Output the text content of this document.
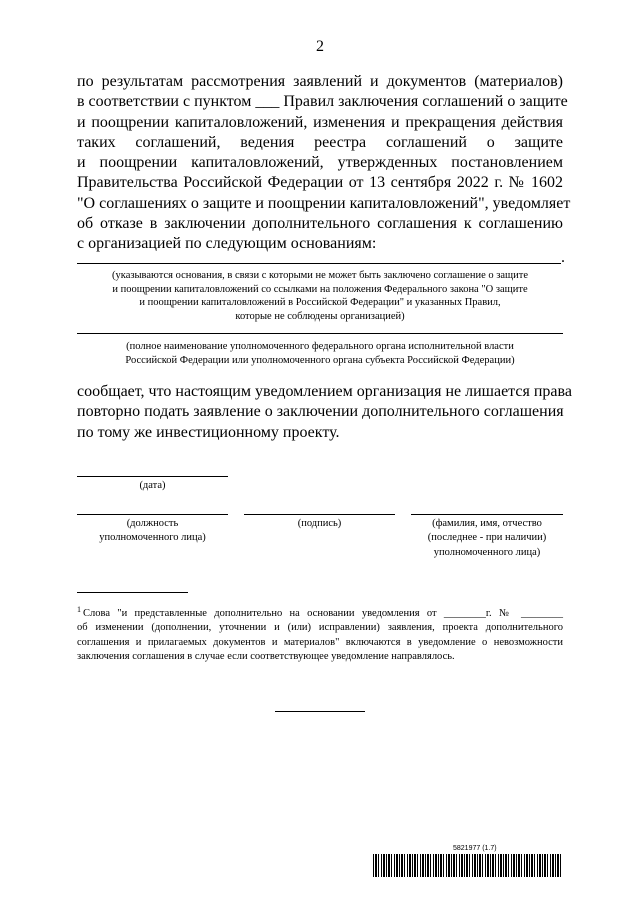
2
по результатам рассмотрения заявлений и документов (материалов)
в соответствии с пунктом ___ Правил заключения соглашений о защите
и поощрении капиталовложений, изменения и прекращения действия
таких соглашений, ведения реестра соглашений о защите
и поощрении капиталовложений, утвержденных постановлением
Правительства Российской Федерации от 13 сентября 2022 г. № 1602
"О соглашениях о защите и поощрении капиталовложений", уведомляет
об отказе в заключении дополнительного соглашения к соглашению
с организацией по следующим основаниям:
.
(указываются основания, в связи с которыми не может быть заключено соглашение о защите
и поощрении капиталовложений со ссылками на положения Федерального закона "О защите
и поощрении капиталовложений в Российской Федерации" и указанных Правил,
которые не соблюдены организацией)
(полное наименование уполномоченного федерального органа исполнительной власти
Российской Федерации или уполномоченного органа субъекта Российской Федерации)
сообщает, что настоящим уведомлением организация не лишается права
повторно подать заявление о заключении дополнительного соглашения
по тому же инвестиционному проекту.
(дата)
(должность
уполномоченного лица)
(подпись)	(фамилия, имя, отчество
(последнее - при наличии)
уполномоченного лица)
$^1$ Слова "и представленные дополнительно на основании уведомления от ________г. № ________
об изменении (дополнении, уточнении и (или) исправлении) заявления, проекта дополнительного
соглашения и прилагаемых документов и материалов" включаются в уведомление о невозможности
заключения соглашения в случае если соответствующее уведомление направлялось.
5821977 (1.7)
